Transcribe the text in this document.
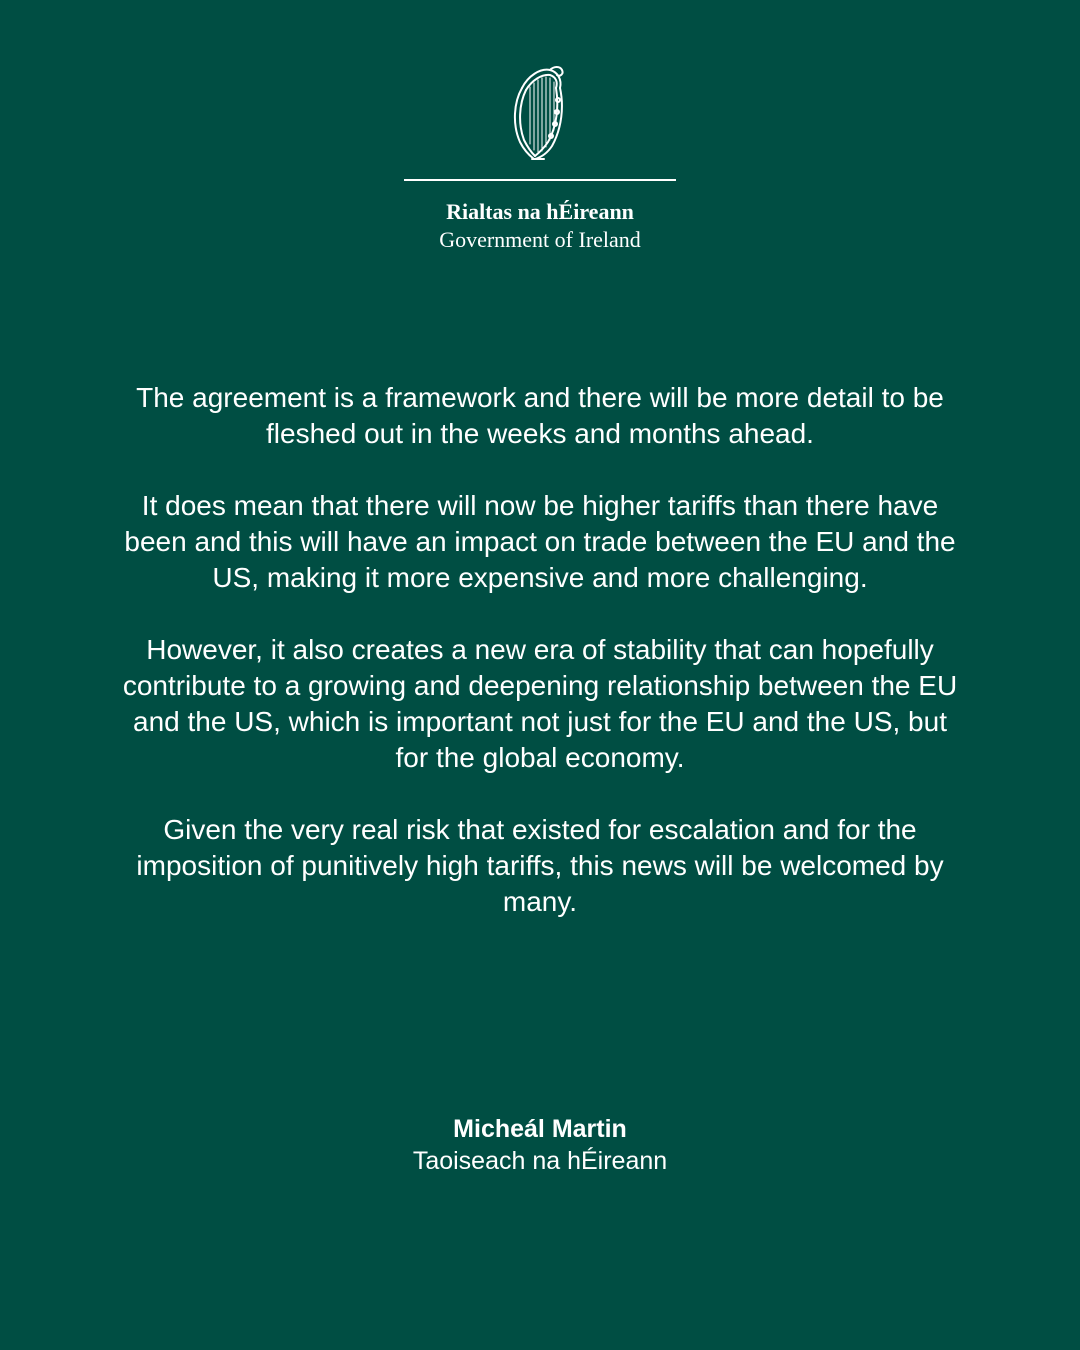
Rialtas na hÉireann
Government of Ireland

The agreement is a framework and there will be more detail to be fleshed out in the weeks and months ahead.

It does mean that there will now be higher tariffs than there have been and this will have an impact on trade between the EU and the US, making it more expensive and more challenging.

However, it also creates a new era of stability that can hopefully contribute to a growing and deepening relationship between the EU and the US, which is important not just for the EU and the US, but for the global economy.

Given the very real risk that existed for escalation and for the imposition of punitively high tariffs, this news will be welcomed by many.

Micheál Martin
Taoiseach na hÉireann
